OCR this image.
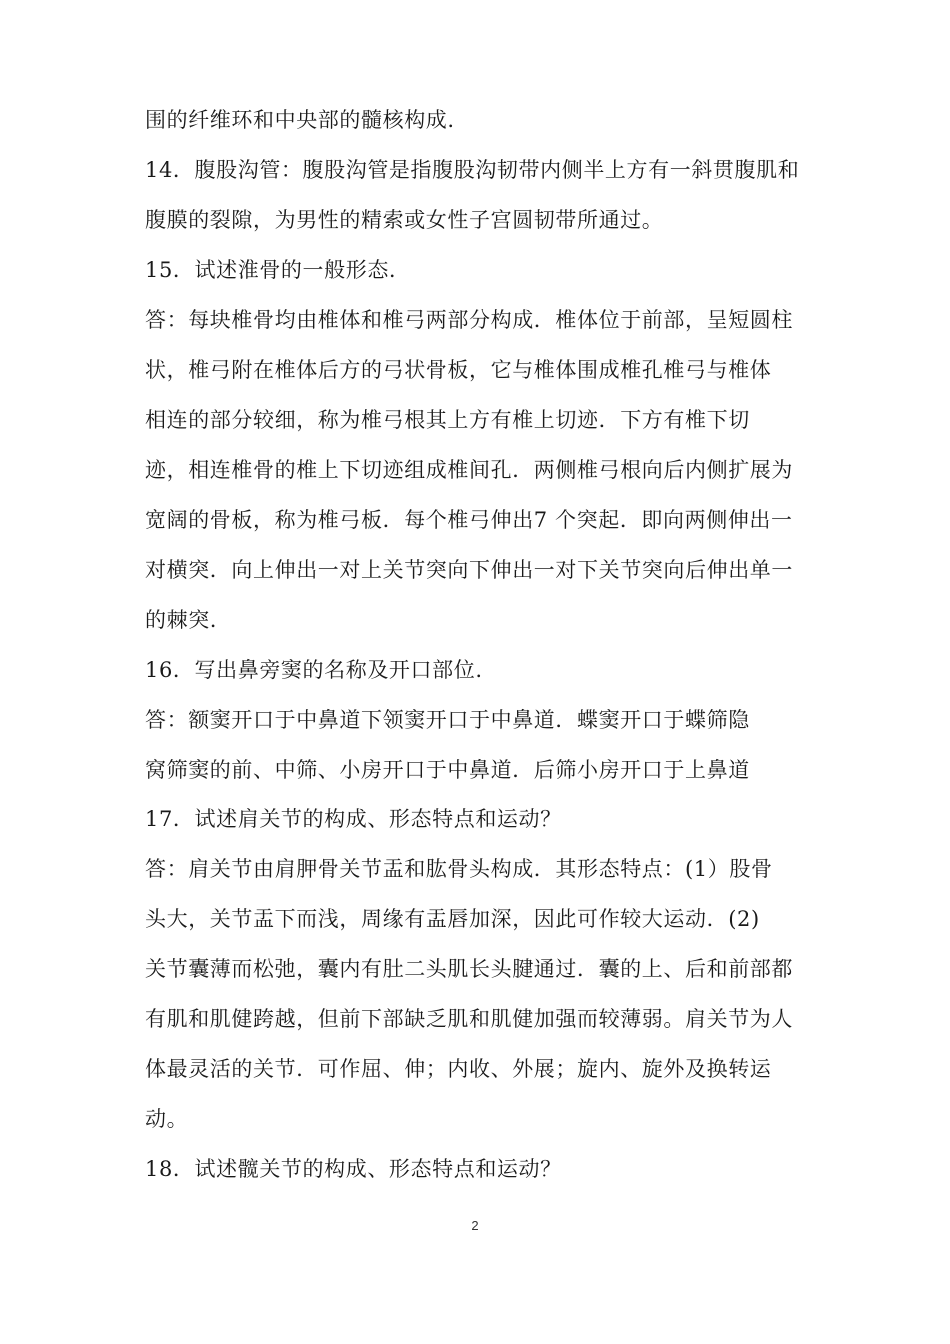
围的纤维环和中央部的髓核构成.
14．腹股沟管：腹股沟管是指腹股沟韧带内侧半上方有一斜贯腹肌和
腹膜的裂隙，为男性的精索或女性子宫圆韧带所通过。
15．试述淮骨的一般形态.
答：每块椎骨均由椎体和椎弓两部分构成．椎体位于前部，呈短圆柱
状，椎弓附在椎体后方的弓状骨板，它与椎体围成椎孔椎弓与椎体
相连的部分较细，称为椎弓根其上方有椎上切迹．下方有椎下切
迹，相连椎骨的椎上下切迹组成椎间孔．两侧椎弓根向后内侧扩展为
宽阔的骨板，称为椎弓板．每个椎弓伸出7 个突起．即向两侧伸出一
对横突．向上伸出一对上关节突向下伸出一对下关节突向后伸出单一
的棘突.
16．写出鼻旁窦的名称及开口部位.
答：额窦开口于中鼻道下领窦开口于中鼻道．蝶窦开口于蝶筛隐
窝筛窦的前、中筛、小房开口于中鼻道．后筛小房开口于上鼻道
17．试述肩关节的构成、形态特点和运动？
答：肩关节由肩胛骨关节盂和肱骨头构成．其形态特点：(1）股骨
头大，关节盂下而浅，周缘有盂唇加深，因此可作较大运动．(2)
关节囊薄而松弛，囊内有肚二头肌长头腱通过．囊的上、后和前部都
有肌和肌健跨越，但前下部缺乏肌和肌健加强而较薄弱。肩关节为人
体最灵活的关节．可作屈、伸；内收、外展；旋内、旋外及换转运
动。
18．试述髋关节的构成、形态特点和运动？
2
